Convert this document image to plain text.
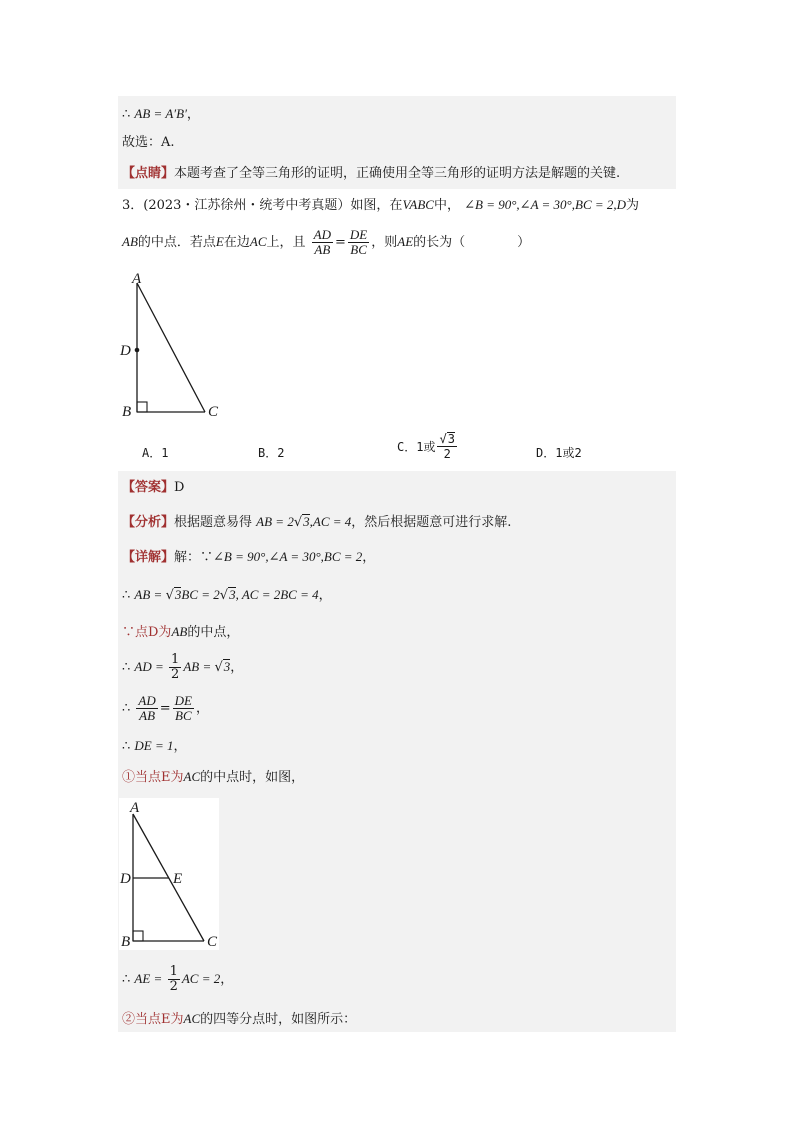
∴ AB = A′B′，
故选：A.
【点睛】本题考查了全等三角形的证明，正确使用全等三角形的证明方法是解题的关键.
3．(2023・江苏徐州・统考中考真题）如图，在VABC中， ∠B = 90°,∠A = 30°,BC = 2,D为
AB的中点．若点E在边AC上，且 $\frac{AD}{AB} = \frac{DE}{BC}$ ，则AE的长为（　　　　）
A
D
B	C
A．1	B．2	C．1或 $\frac{√3}{2}$	D．1或2
【答案】D
【分析】根据题意易得 AB = 2√3,AC = 4，然后根据题意可进行求解.
【详解】解：∵∠B = 90°,∠A = 30°,BC = 2，
∴ AB = √3BC = 2√3, AC = 2BC = 4，
∵点D为AB的中点，
∴ AD = $\frac{1}{2}$ AB = √3，
∴ $\frac{AD}{AB} = \frac{DE}{BC}$ ，
∴ DE = 1，
①当点E为AC的中点时，如图，
A
D	E
B	C
∴ AE = $\frac{1}{2}$ AC = 2，
②当点E为AC的四等分点时，如图所示：
